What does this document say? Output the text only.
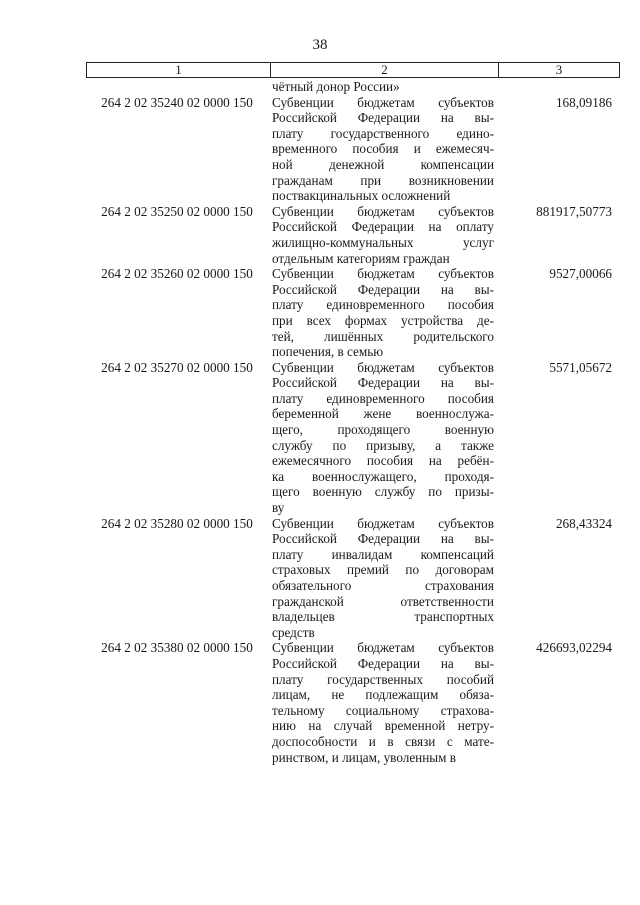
38
1	2	3
чётный донор России»
264 2 02 35240 02 0000 150	Субвенции бюджетам субъектов
Российской Федерации на вы-
плату государственного едино-
временного пособия и ежемесяч-
ной денежной компенсации
гражданам при возникновении
поствакцинальных осложнений
168,09186
264 2 02 35250 02 0000 150	Субвенции бюджетам субъектов
Российской Федерации на оплату
жилищно-коммунальных услуг
отдельным категориям граждан
881917,50773
264 2 02 35260 02 0000 150	Субвенции бюджетам субъектов
Российской Федерации на вы-
плату единовременного пособия
при всех формах устройства де-
тей, лишённых родительского
попечения, в семью
9527,00066
264 2 02 35270 02 0000 150	Субвенции бюджетам субъектов
Российской Федерации на вы-
плату единовременного пособия
беременной жене военнослужа-
щего, проходящего военную
службу по призыву, а также
ежемесячного пособия на ребён-
ка военнослужащего, проходя-
щего военную службу по призы-
ву
5571,05672
264 2 02 35280 02 0000 150	Субвенции бюджетам субъектов
Российской Федерации на вы-
плату инвалидам компенсаций
страховых премий по договорам
обязательного страхования
гражданской ответственности
владельцев транспортных
средств
268,43324
264 2 02 35380 02 0000 150	Субвенции бюджетам субъектов
Российской Федерации на вы-
плату государственных пособий
лицам, не подлежащим обяза-
тельному социальному страхова-
нию на случай временной нетру-
доспособности и в связи с мате-
ринством, и лицам, уволенным в
426693,02294
